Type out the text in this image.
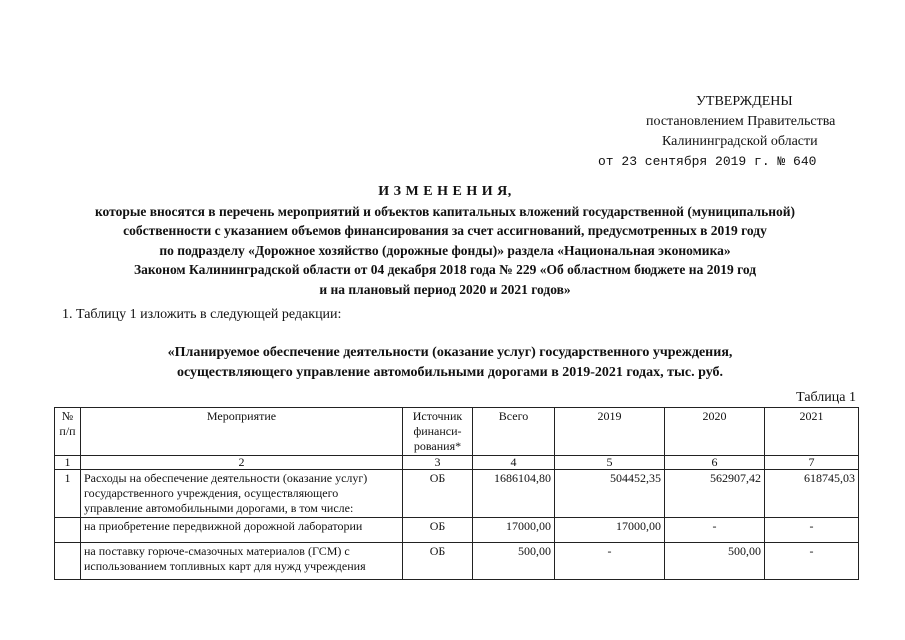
УТВЕРЖДЕНЫ
постановлением Правительства
Калининградской области
от 23 сентября 2019 г. № 640
И З М Е Н Е Н И Я,
которые вносятся в перечень мероприятий и объектов капитальных вложений государственной (муниципальной)
собственности с указанием объемов финансирования за счет ассигнований, предусмотренных в 2019 году
по подразделу «Дорожное хозяйство (дорожные фонды)» раздела «Национальная экономика»
Законом Калининградской области от 04 декабря 2018 года № 229 «Об областном бюджете на 2019 год
и на плановый период 2020 и 2021 годов»
1. Таблицу 1 изложить в следующей редакции:
«Планируемое обеспечение деятельности (оказание услуг) государственного учреждения,
осуществляющего управление автомобильными дорогами в 2019-2021 годах, тыс. руб.
Таблица 1
№ п/п	Мероприятие	Источник финанси-рования*	Всего	2019	2020	2021
1	2	3	4	5	6	7
1	Расходы на обеспечение деятельности (оказание услуг) государственного учреждения, осуществляющего управление автомобильными дорогами, в том числе:	ОБ	1686104,80	504452,35	562907,42	618745,03
	на приобретение передвижной дорожной лаборатории	ОБ	17000,00	17000,00	-	-
	на поставку горюче-смазочных материалов (ГСМ) с использованием топливных карт для нужд учреждения	ОБ	500,00	-	500,00	-
